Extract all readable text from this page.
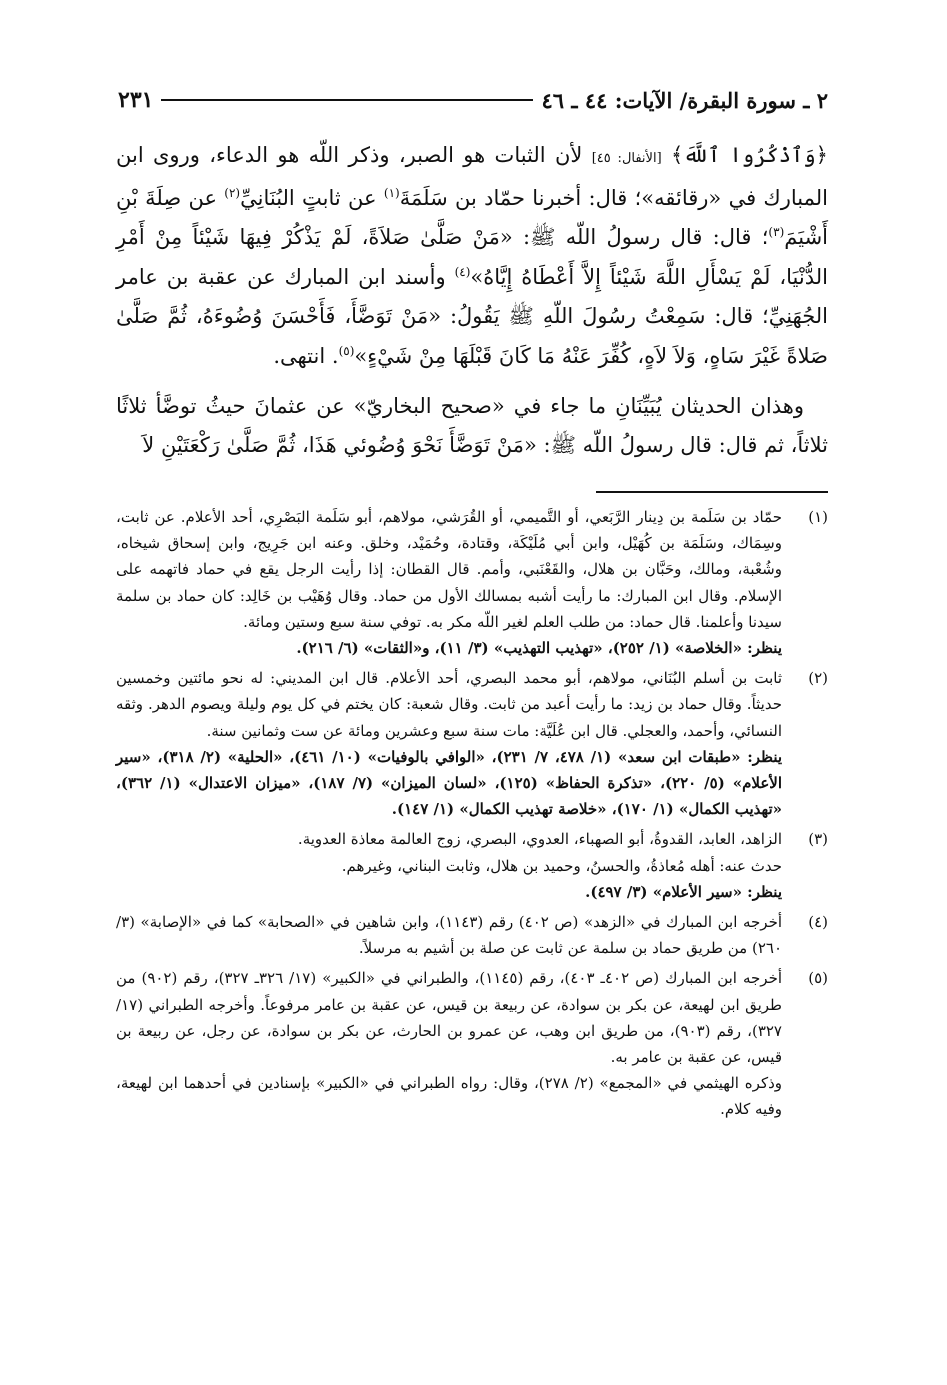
٢ ـ سورة البقرة/ الآيات: ٤٤ ـ ٤٦
٢٣١

﴿وَٱذْكُرُوا ٱللَّهَ﴾ [الأنفال: ٤٥] لأن الثبات هو الصبر، وذكر اللّه هو الدعاء، وروى ابن المبارك في «رقائقه»؛ قال: أخبرنا حمّاد بن سَلَمَةَ$^{(١)}$ عن ثابتٍ البُنَانِيِّ$^{(٢)}$ عن صِلَةَ بْنِ أَشْيَمَ$^{(٣)}$؛ قال: قال رسولُ اللّه ﷺ: «مَنْ صَلَّىٰ صَلاَةً، لَمْ يَذْكُرْ فِيهَا شَيْئاً مِنْ أَمْرِ الدُّنْيَا، لَمْ يَسْأَلِ اللَّهَ شَيْئاً إِلاَّ أَعْطَاهُ إِيَّاهُ»$^{(٤)}$ وأسند ابن المبارك عن عقبة بن عامر الجُهَنِيِّ؛ قال: سَمِعْتُ رسُولَ اللّهِ ﷺ يَقُولُ: «مَنْ تَوَضَّأَ، فَأَحْسَنَ وُضُوءَهُ، ثُمَّ صَلَّىٰ صَلاةً غَيْرَ سَاهٍ، وَلاَ لاَهٍ، كُفِّرَ عَنْهُ مَا كَانَ قَبْلَهَا مِنْ شَيْءٍ»$^{(٥)}$. انتهى.

وهذان الحديثان يُبَيِّنَانِ ما جاء في «صحيح البخاريّ» عن عثمانَ حيثُ توضَّأ ثلاثًا ثلاثاً، ثم قال: قال رسولُ اللّه ﷺ: «مَنْ تَوَضَّأَ نَحْوَ وُضُوئي هَذَا، ثُمَّ صَلَّىٰ رَكْعَتَيْنِ لاَ

(١)

حمّاد بن سَلَمة بن دِينار الرَّبَعي، أو التَّميمي، أو القُرَشي، مولاهم، أبو سَلَمة البَصْرِي، أحد الأعلام. عن ثابت، وسِمَاك، وسَلَمَة بن كُهَيْل، وابن أبي مُلَيْكَة، وقتادة، وحُمَيْد، وخلق. وعنه ابن جَرِيج، وابن إسحاق شيخاه، وشُعْبة، ومالك، وحَبَّان بن هلال، والقَعْنَبي، وأمم. قال القطان: إذا رأيت الرجل يقع في حماد فاتهمه على الإسلام. وقال ابن المبارك: ما رأيت أشبه بمسالك الأول من حماد. وقال وُهَيْب بن خَالِد: كان حماد بن سلمة سيدنا وأعلمنا. قال حماد: من طلب العلم لغير اللّه مكر به. توفي سنة سبع وستين ومائة.

ينظر: «الخلاصة» (١/ ٢٥٢)، «تهذيب التهذيب» (٣/ ١١)، و«الثقات» (٦/ ٢١٦).

(٢)

ثابت بن أسلم البُنَاني، مولاهم، أبو محمد البصري، أحد الأعلام. قال ابن المديني: له نحو مائتين وخمسين حديثاً. وقال حماد بن زيد: ما رأيت أعبد من ثابت. وقال شعبة: كان يختم في كل يوم وليلة ويصوم الدهر. وثقه النسائي، وأحمد، والعجلي. قال ابن عُلَيَّة: مات سنة سبع وعشرين ومائة عن ست وثمانين سنة.

ينظر: «طبقات ابن سعد» (١/ ٤٧٨، ٧/ ٢٣١)، «الوافي بالوفيات» (١٠/ ٤٦١)، «الحلية» (٢/ ٣١٨)، «سير الأعلام» (٥/ ٢٢٠)، «تذكرة الحفاظ» (١٢٥)، «لسان الميزان» (٧/ ١٨٧)، «ميزان الاعتدال» (١/ ٣٦٢)، «تهذيب الكمال» (١/ ١٧٠)، «خلاصة تهذيب الكمال» (١/ ١٤٧).

(٣)

الزاهد، العابد، القدوةُ، أبو الصهباء، العدوي، البصري، زوج العالمة معاذة العدوية.

حدث عنه: أهله مُعاذةُ، والحسنُ، وحميد بن هلال، وثابت البناني، وغيرهم.

ينظر: «سير الأعلام» (٣/ ٤٩٧).

(٤)

أخرجه ابن المبارك في «الزهد» (ص ٤٠٢) رقم (١١٤٣)، وابن شاهين في «الصحابة» كما في «الإصابة» (٣/ ٢٦٠) من طريق حماد بن سلمة عن ثابت عن صلة بن أشيم به مرسلاً.

(٥)

أخرجه ابن المبارك (ص ٤٠٢ـ ٤٠٣)، رقم (١١٤٥)، والطبراني في «الكبير» (١٧/ ٣٢٦ـ ٣٢٧)، رقم (٩٠٢) من طريق ابن لهيعة، عن بكر بن سوادة، عن ربيعة بن قيس، عن عقبة بن عامر مرفوعاً. وأخرجه الطبراني (١٧/ ٣٢٧)، رقم (٩٠٣)، من طريق ابن وهب، عن عمرو بن الحارث، عن بكر بن سوادة، عن رجل، عن ربيعة بن قيس، عن عقبة بن عامر به.

وذكره الهيثمي في «المجمع» (٢/ ٢٧٨)، وقال: رواه الطبراني في «الكبير» بإسنادين في أحدهما ابن لهيعة، وفيه كلام.
